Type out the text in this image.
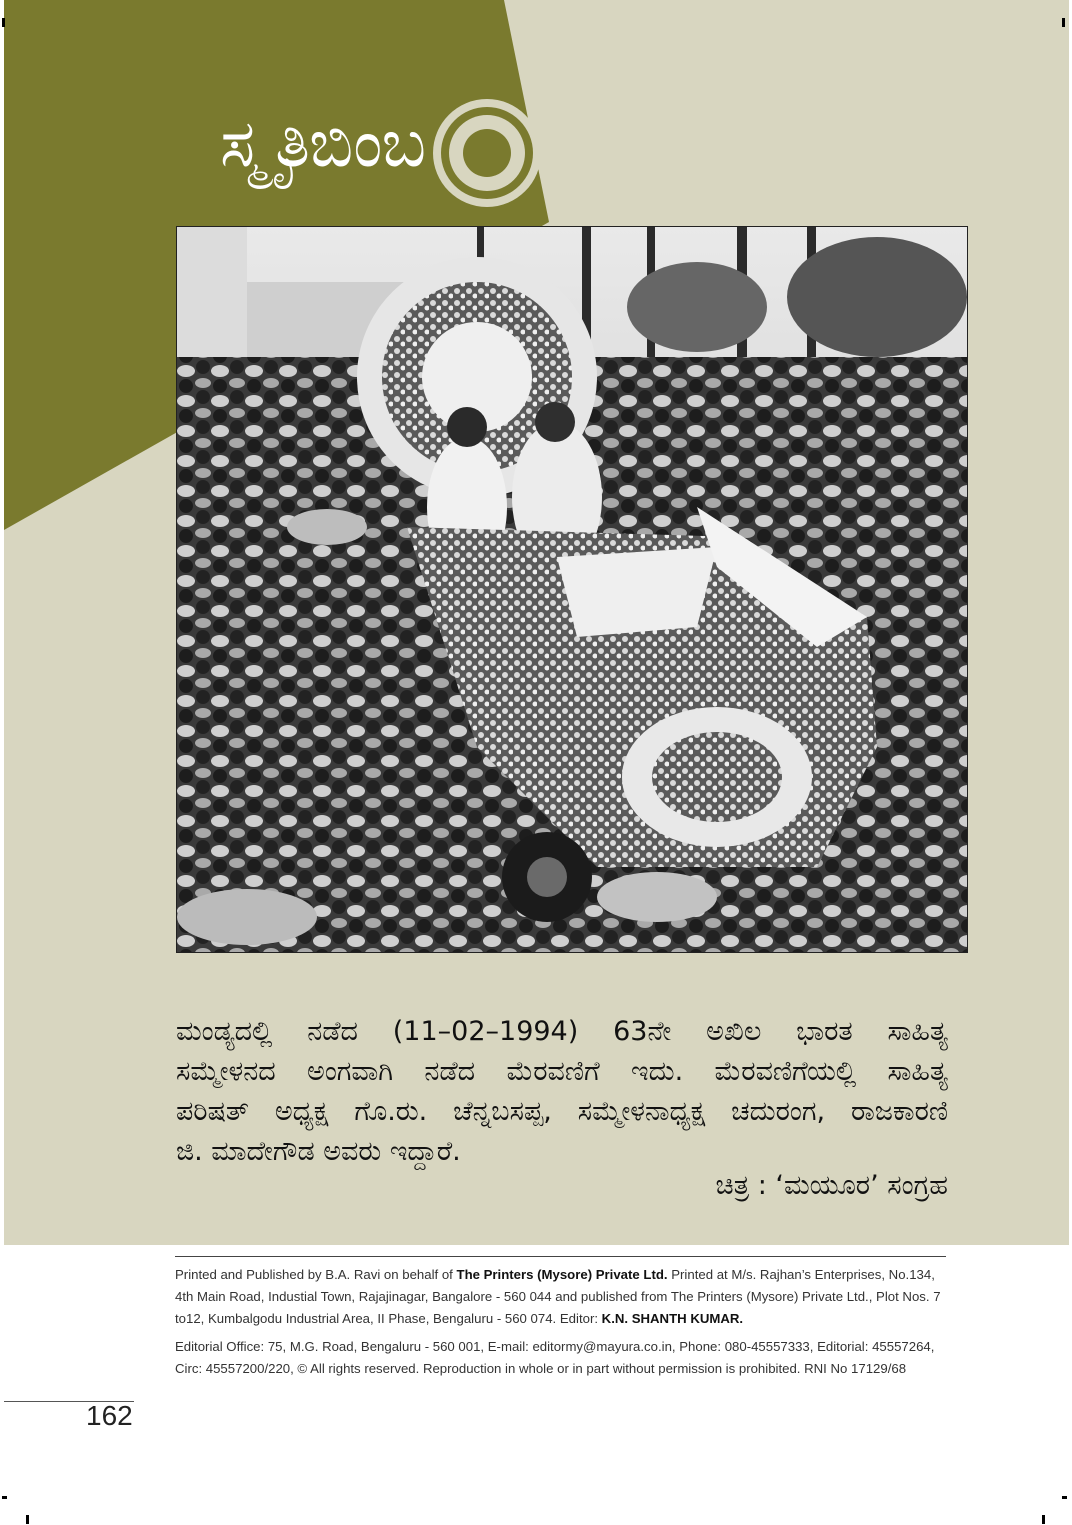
ಸ್ಮೃತಿಬಿಂಬ
ಮಂಡ್ಯದಲ್ಲಿ ನಡೆದ (11–02–1994) 63ನೇ ಅಖಿಲ ಭಾರತ ಸಾಹಿತ್ಯ
ಸಮ್ಮೇಳನದ ಅಂಗವಾಗಿ ನಡೆದ ಮೆರವಣಿಗೆ ಇದು. ಮೆರವಣಿಗೆಯಲ್ಲಿ ಸಾಹಿತ್ಯ
ಪರಿಷತ್ ಅಧ್ಯಕ್ಷ ಗೊ.ರು. ಚೆನ್ನಬಸಪ್ಪ, ಸಮ್ಮೇಳನಾಧ್ಯಕ್ಷ ಚದುರಂಗ, ರಾಜಕಾರಣಿ
ಜಿ. ಮಾದೇಗೌಡ ಅವರು ಇದ್ದಾರೆ.
ಚಿತ್ರ : ‘ಮಯೂರ’ ಸಂಗ್ರಹ

Printed and Published by B.A. Ravi on behalf of The Printers (Mysore) Private Ltd. Printed at M/s. Rajhan’s Enterprises, No.134, 4th Main Road, Industial Town, Rajajinagar, Bangalore - 560 044 and published from The Printers (Mysore) Private Ltd., Plot Nos. 7 to12, Kumbalgodu Industrial Area, II Phase, Bengaluru - 560 074. Editor: K.N. SHANTH KUMAR.

Editorial Office: 75, M.G. Road, Bengaluru - 560 001, E-mail: editormy@mayura.co.in, Phone: 080-45557333, Editorial: 45557264, Circ: 45557200/220, © All rights reserved. Reproduction in whole or in part without permission is prohibited. RNI No 17129/68

162
